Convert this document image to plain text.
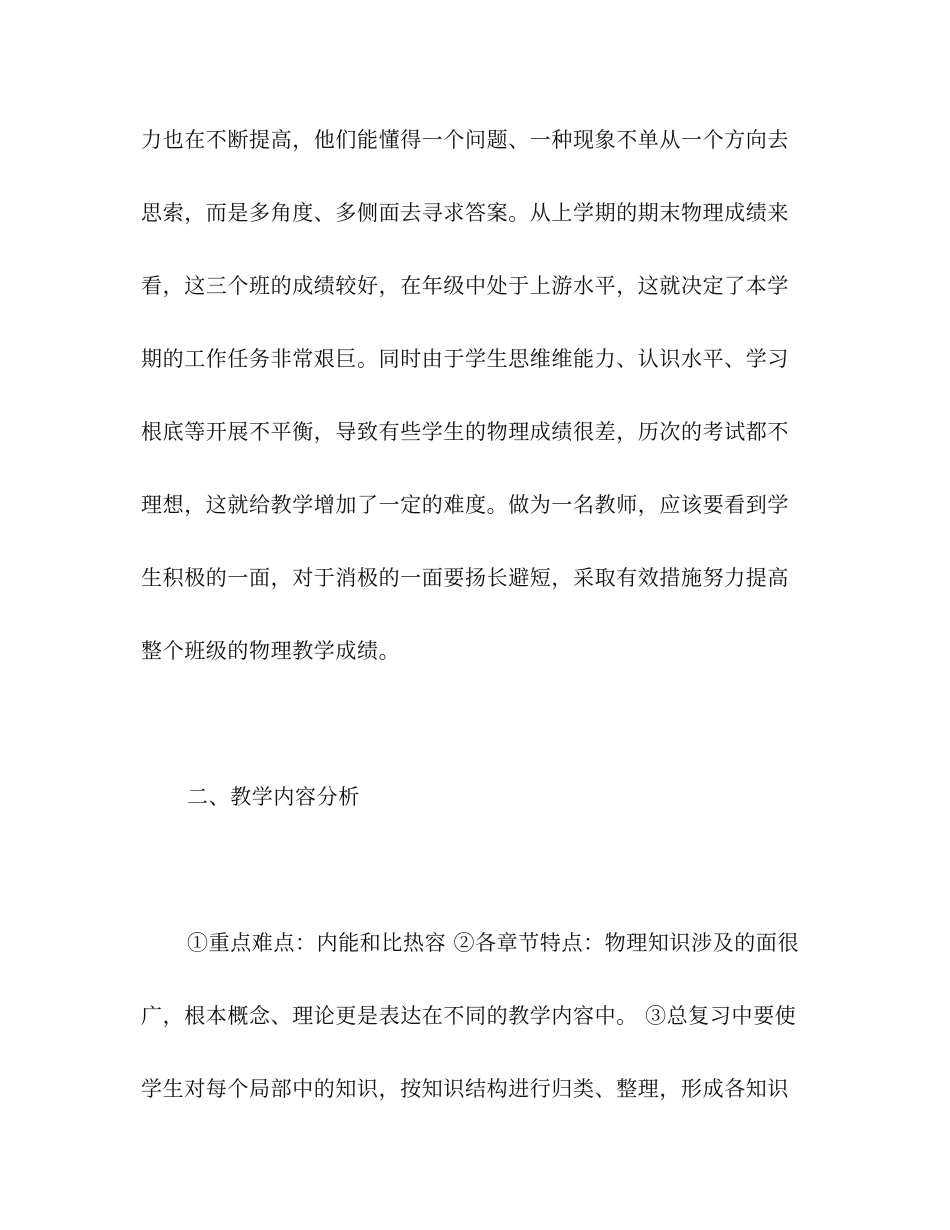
力也在不断提高，他们能懂得一个问题、一种现象不单从一个方向去
思索，而是多角度、多侧面去寻求答案。从上学期的期末物理成绩来
看，这三个班的成绩较好，在年级中处于上游水平，这就决定了本学
期的工作任务非常艰巨。同时由于学生思维维能力、认识水平、学习
根底等开展不平衡，导致有些学生的物理成绩很差，历次的考试都不
理想，这就给教学增加了一定的难度。做为一名教师，应该要看到学
生积极的一面，对于消极的一面要扬长避短，采取有效措施努力提高
整个班级的物理教学成绩。
二、教学内容分析
①重点难点：内能和比热容 ②各章节特点：物理知识涉及的面很
广，根本概念、理论更是表达在不同的教学内容中。 ③总复习中要使
学生对每个局部中的知识，按知识结构进行归类、整理，形成各知识
